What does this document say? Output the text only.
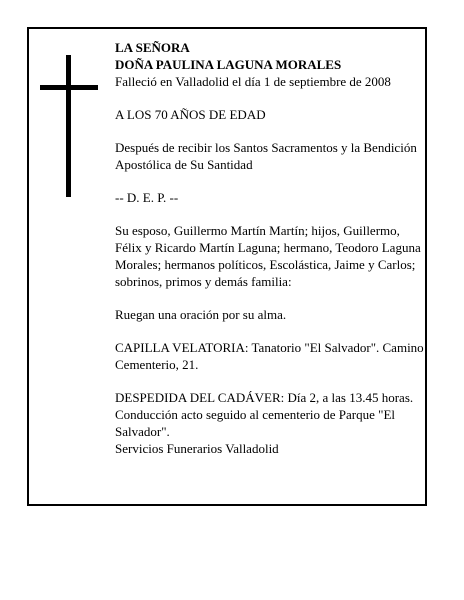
LA SEÑORA

DOÑA PAULINA LAGUNA MORALES

Falleció en Valladolid el día 1 de septiembre de 2008

A LOS 70 AÑOS DE EDAD

Después de recibir los Santos Sacramentos y la Bendición Apostólica de Su Santidad

-- D. E. P. --

Su esposo, Guillermo Martín Martín; hijos, Guillermo, Félix y Ricardo Martín Laguna; hermano, Teodoro Laguna Morales; hermanos políticos, Escolástica, Jaime y Carlos; sobrinos, primos y demás familia:

Ruegan una oración por su alma.

CAPILLA VELATORIA: Tanatorio "El Salvador". Camino Cementerio, 21.

DESPEDIDA DEL CADÁVER: Día 2, a las 13.45 horas. Conducción acto seguido al cementerio de Parque "El Salvador".

Servicios Funerarios Valladolid
